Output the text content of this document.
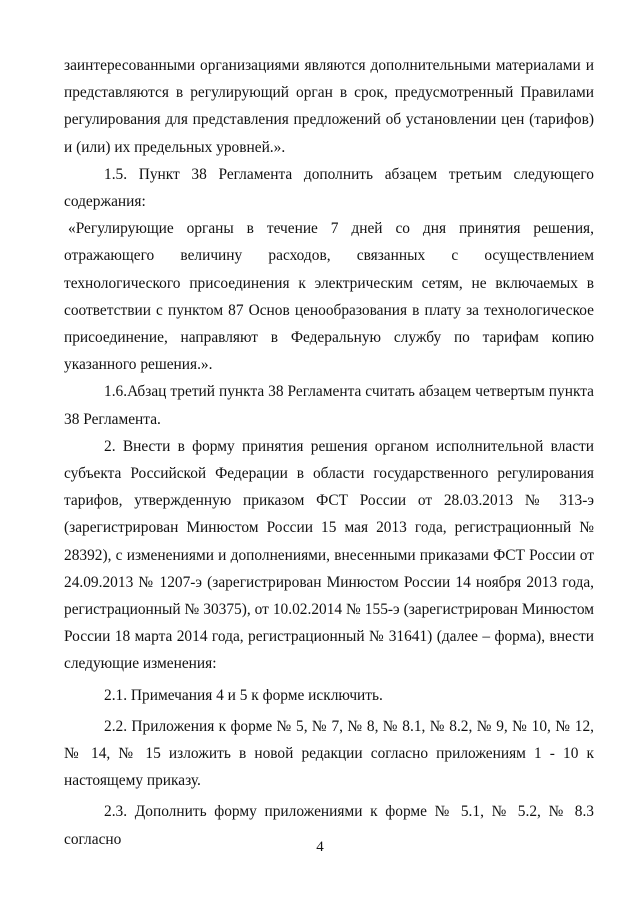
заинтересованными организациями являются дополнительными материалами и представляются в регулирующий орган в срок, предусмотренный Правилами регулирования для представления предложений об установлении цен (тарифов) и (или) их предельных уровней.».

1.5. Пункт 38 Регламента дополнить абзацем третьим следующего содержания:

«Регулирующие органы в течение 7 дней со дня принятия решения, отражающего величину расходов, связанных с осуществлением технологического присоединения к электрическим сетям, не включаемых в соответствии с пунктом 87 Основ ценообразования в плату за технологическое присоединение, направляют в Федеральную службу по тарифам копию указанного решения.».

1.6.Абзац третий пункта 38 Регламента считать абзацем четвертым пункта 38 Регламента.

2. Внести в форму принятия решения органом исполнительной власти субъекта Российской Федерации в области государственного регулирования тарифов, утвержденную приказом ФСТ России от 28.03.2013 № 313-э (зарегистрирован Минюстом России 15 мая 2013 года, регистрационный № 28392), с изменениями и дополнениями, внесенными приказами ФСТ России от 24.09.2013 № 1207-э (зарегистрирован Минюстом России 14 ноября 2013 года, регистрационный № 30375), от 10.02.2014 № 155-э (зарегистрирован Минюстом России 18 марта 2014 года, регистрационный № 31641) (далее – форма), внести следующие изменения:

2.1. Примечания 4 и 5 к форме исключить.

2.2. Приложения к форме № 5, № 7, № 8, № 8.1, № 8.2, № 9, № 10, № 12, № 14, № 15 изложить в новой редакции согласно приложениям 1 - 10 к настоящему приказу.

2.3. Дополнить форму приложениями к форме № 5.1, № 5.2, № 8.3 согласно	4
